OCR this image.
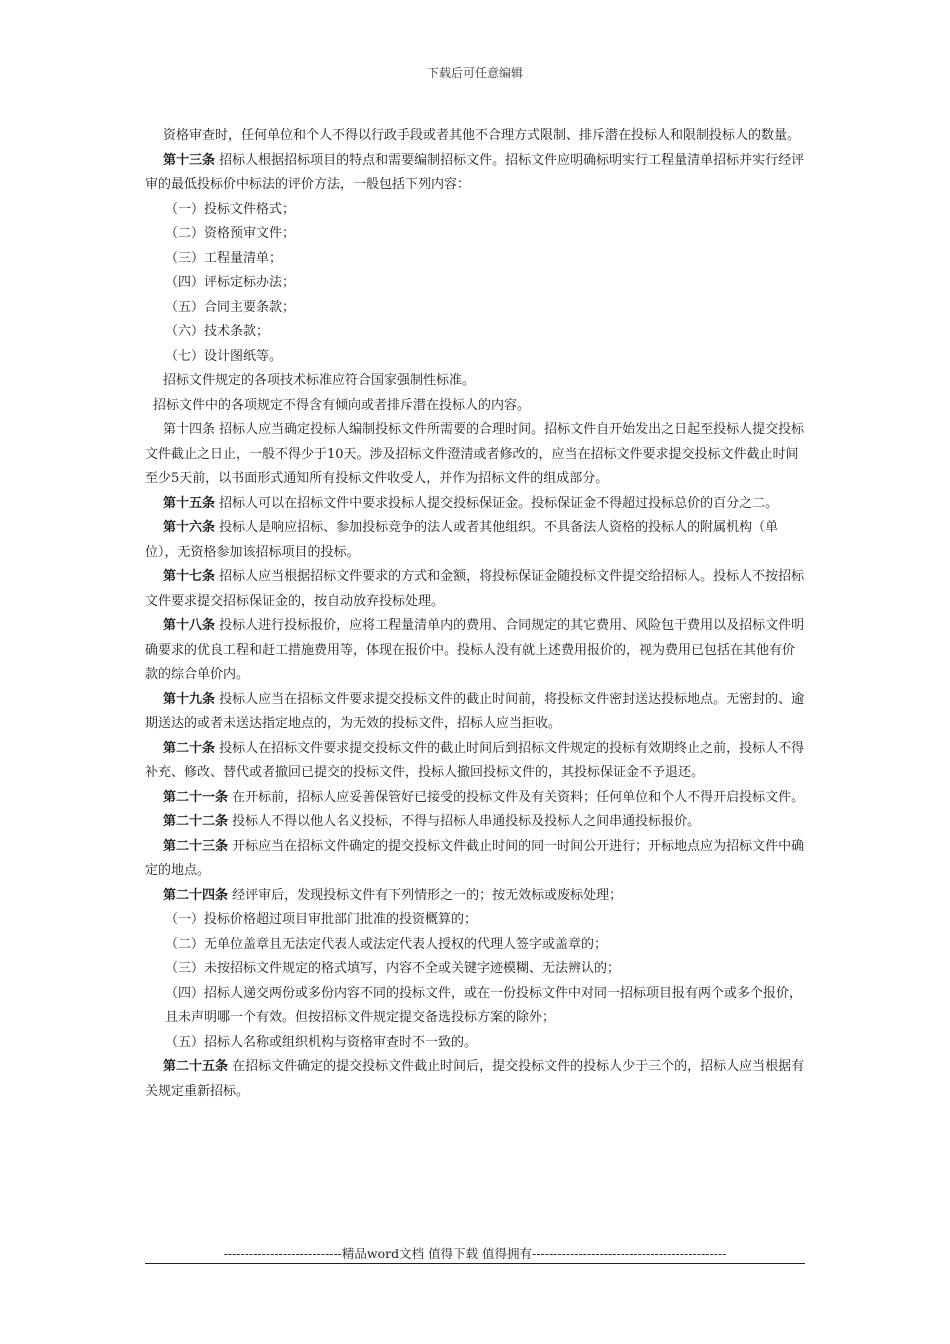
下载后可任意编辑

资格审查时，任何单位和个人不得以行政手段或者其他不合理方式限制、排斥潜在投标人和限制投标人的数量。

第十三条 招标人根据招标项目的特点和需要编制招标文件。招标文件应明确标明实行工程量清单招标并实行经评审的最低投标价中标法的评价方法，一般包括下列内容：

（一）投标文件格式；

（二）资格预审文件；

（三）工程量清单；

（四）评标定标办法；

（五）合同主要条款；

（六）技术条款；

（七）设计图纸等。

招标文件规定的各项技术标准应符合国家强制性标准。

招标文件中的各项规定不得含有倾向或者排斥潜在投标人的内容。

第十四条 招标人应当确定投标人编制投标文件所需要的合理时间。招标文件自开始发出之日起至投标人提交投标文件截止之日止，一般不得少于10天。涉及招标文件澄清或者修改的，应当在招标文件要求提交投标文件截止时间至少5天前，以书面形式通知所有投标文件收受人，并作为招标文件的组成部分。

第十五条 招标人可以在招标文件中要求投标人提交投标保证金。投标保证金不得超过投标总价的百分之二。

第十六条 投标人是响应招标、参加投标竞争的法人或者其他组织。不具备法人资格的投标人的附属机构（单位），无资格参加该招标项目的投标。

第十七条 招标人应当根据招标文件要求的方式和金额，将投标保证金随投标文件提交给招标人。投标人不按招标文件要求提交招标保证金的，按自动放弃投标处理。

第十八条 投标人进行投标报价，应将工程量清单内的费用、合同规定的其它费用、风险包干费用以及招标文件明确要求的优良工程和赶工措施费用等，体现在报价中。投标人没有就上述费用报价的，视为费用已包括在其他有价款的综合单价内。

第十九条 投标人应当在招标文件要求提交投标文件的截止时间前，将投标文件密封送达投标地点。无密封的、逾期送达的或者未送达指定地点的，为无效的投标文件，招标人应当拒收。

第二十条 投标人在招标文件要求提交投标文件的截止时间后到招标文件规定的投标有效期终止之前，投标人不得补充、修改、替代或者撤回已提交的投标文件，投标人撤回投标文件的，其投标保证金不予退还。

第二十一条 在开标前，招标人应妥善保管好已接受的投标文件及有关资料；任何单位和个人不得开启投标文件。

第二十二条 投标人不得以他人名义投标，不得与招标人串通投标及投标人之间串通投标报价。

第二十三条 开标应当在招标文件确定的提交投标文件截止时间的同一时间公开进行；开标地点应为招标文件中确定的地点。

第二十四条 经评审后，发现投标文件有下列情形之一的；按无效标或废标处理；

（一）投标价格超过项目审批部门批准的投资概算的；

（二）无单位盖章且无法定代表人或法定代表人授权的代理人签字或盖章的；

（三）未按招标文件规定的格式填写，内容不全或关键字迹模糊、无法辨认的；

（四）招标人递交两份或多份内容不同的投标文件，或在一份投标文件中对同一招标项目报有两个或多个报价，且未声明哪一个有效。但按招标文件规定提交备选投标方案的除外；

（五）招标人名称或组织机构与资格审查时不一致的。

第二十五条 在招标文件确定的提交投标文件截止时间后，提交投标文件的投标人少于三个的，招标人应当根据有关规定重新招标。

----------------------------精品word文档 值得下载 值得拥有----------------------------------------------
